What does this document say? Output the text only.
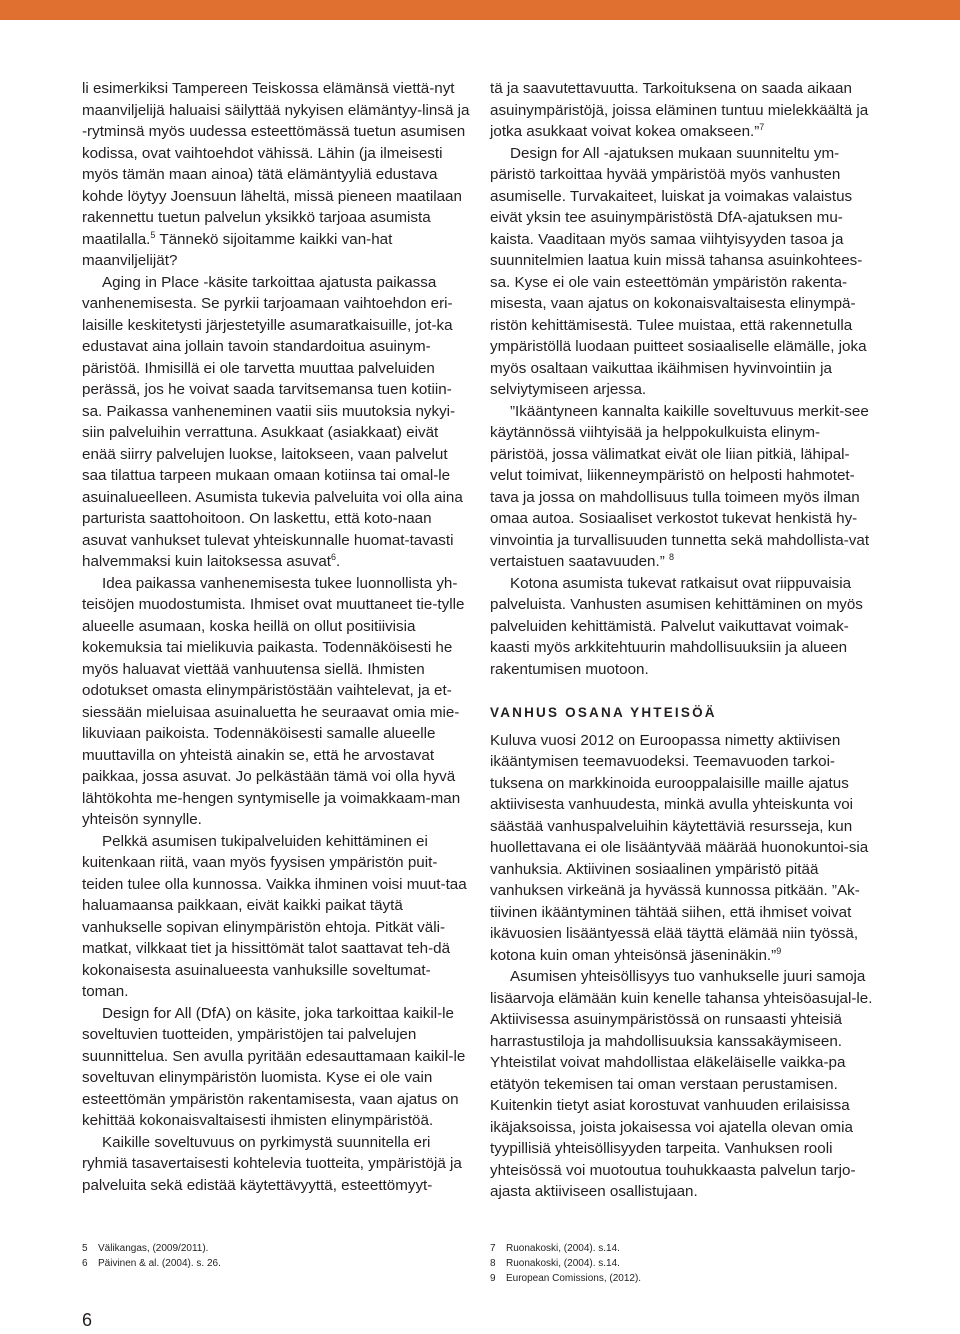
li esimerkiksi Tampereen Teiskossa elämänsä viettä-nyt maanviljelijä haluaisi säilyttää nykyisen elämäntyy-linsä ja -rytminsä myös uudessa esteettömässä tuetun asumisen kodissa, ovat vaihtoehdot vähissä. Lähin (ja ilmeisesti myös tämän maan ainoa) tätä elämäntyyliä edustava kohde löytyy Joensuun läheltä, missä pieneen maatilaan rakennettu tuetun palvelun yksikkö tarjoaa asumista maatilalla.$^5$ Tännekö sijoitamme kaikki van-hat maanviljelijät?

Aging in Place -käsite tarkoittaa ajatusta paikassa vanhenemisesta. Se pyrkii tarjoamaan vaihtoehdon eri-laisille keskitetysti järjestetyille asumaratkaisuille, jot-ka edustavat aina jollain tavoin standardoitua asuinym-päristöä. Ihmisillä ei ole tarvetta muuttaa palveluiden perässä, jos he voivat saada tarvitsemansa tuen kotiin-sa. Paikassa vanheneminen vaatii siis muutoksia nykyi-siin palveluihin verrattuna. Asukkaat (asiakkaat) eivät enää siirry palvelujen luokse, laitokseen, vaan palvelut saa tilattua tarpeen mukaan omaan kotiinsa tai omal-le asuinalueelleen. Asumista tukevia palveluita voi olla aina parturista saattohoitoon. On laskettu, että koto-naan asuvat vanhukset tulevat yhteiskunnalle huomat-tavasti halvemmaksi kuin laitoksessa asuvat$^6$.

Idea paikassa vanhenemisesta tukee luonnollista yh-teisöjen muodostumista. Ihmiset ovat muuttaneet tie-tylle alueelle asumaan, koska heillä on ollut positiivisia kokemuksia tai mielikuvia paikasta. Todennäköisesti he myös haluavat viettää vanhuutensa siellä. Ihmisten odotukset omasta elinympäristöstään vaihtelevat, ja et-siessään mieluisaa asuinaluetta he seuraavat omia mie-likuviaan paikoista. Todennäköisesti samalle alueelle muuttavilla on yhteistä ainakin se, että he arvostavat paikkaa, jossa asuvat. Jo pelkästään tämä voi olla hyvä lähtökohta me-hengen syntymiselle ja voimakkaam-man yhteisön synnylle.

Pelkkä asumisen tukipalveluiden kehittäminen ei kuitenkaan riitä, vaan myös fyysisen ympäristön puit-teiden tulee olla kunnossa. Vaikka ihminen voisi muut-taa haluamaansa paikkaan, eivät kaikki paikat täytä vanhukselle sopivan elinympäristön ehtoja. Pitkät väli-matkat, vilkkaat tiet ja hissittömät talot saattavat teh-dä kokonaisesta asuinalueesta vanhuksille soveltumat-toman.

Design for All (DfA) on käsite, joka tarkoittaa kaikil-le soveltuvien tuotteiden, ympäristöjen tai palvelujen suunnittelua. Sen avulla pyritään edesauttamaan kaikil-le soveltuvan elinympäristön luomista. Kyse ei ole vain esteettömän ympäristön rakentamisesta, vaan ajatus on kehittää kokonaisvaltaisesti ihmisten elinympäristöä.

Kaikille soveltuvuus on pyrkimystä suunnitella eri ryhmiä tasavertaisesti kohtelevia tuotteita, ympäristöjä ja palveluita sekä edistää käytettävyyttä, esteettömyyt-

tä ja saavutettavuutta. Tarkoituksena on saada aikaan asuinympäristöjä, joissa eläminen tuntuu mielekkäältä ja jotka asukkaat voivat kokea omakseen.”$^7$

Design for All -ajatuksen mukaan suunniteltu ym-päristö tarkoittaa hyvää ympäristöä myös vanhusten asumiselle. Turvakaiteet, luiskat ja voimakas valaistus eivät yksin tee asuinympäristöstä DfA-ajatuksen mu-kaista. Vaaditaan myös samaa viihtyisyyden tasoa ja suunnitelmien laatua kuin missä tahansa asuinkohtees-sa. Kyse ei ole vain esteettömän ympäristön rakenta-misesta, vaan ajatus on kokonaisvaltaisesta elinympä-ristön kehittämisestä. Tulee muistaa, että rakennetulla ympäristöllä luodaan puitteet sosiaaliselle elämälle, joka myös osaltaan vaikuttaa ikäihmisen hyvinvointiin ja selviytymiseen arjessa.

”Ikääntyneen kannalta kaikille soveltuvuus merkit-see käytännössä viihtyisää ja helppokulkuista elinym-päristöä, jossa välimatkat eivät ole liian pitkiä, lähipal-velut toimivat, liikenneympäristö on helposti hahmotet-tava ja jossa on mahdollisuus tulla toimeen myös ilman omaa autoa. Sosiaaliset verkostot tukevat henkistä hy-vinvointia ja turvallisuuden tunnetta sekä mahdollista-vat vertaistuen saatavuuden.” $^8$

Kotona asumista tukevat ratkaisut ovat riippuvaisia palveluista. Vanhusten asumisen kehittäminen on myös palveluiden kehittämistä. Palvelut vaikuttavat voimak-kaasti myös arkkitehtuurin mahdollisuuksiin ja alueen rakentumisen muotoon.

VANHUS OSANA YHTEISÖÄ

Kuluva vuosi 2012 on Euroopassa nimetty aktiivisen ikääntymisen teemavuodeksi. Teemavuoden tarkoi-tuksena on markkinoida eurooppalaisille maille ajatus aktiivisesta vanhuudesta, minkä avulla yhteiskunta voi säästää vanhuspalveluihin käytettäviä resursseja, kun huollettavana ei ole lisääntyvää määrää huonokuntoi-sia vanhuksia. Aktiivinen sosiaalinen ympäristö pitää vanhuksen virkeänä ja hyvässä kunnossa pitkään. ”Ak-tiivinen ikääntyminen tähtää siihen, että ihmiset voivat ikävuosien lisääntyessä elää täyttä elämää niin työssä, kotona kuin oman yhteisönsä jäseninäkin.”$^9$

Asumisen yhteisöllisyys tuo vanhukselle juuri samoja lisäarvoja elämään kuin kenelle tahansa yhteisöasujal-le. Aktiivisessa asuinympäristössä on runsaasti yhteisiä harrastustiloja ja mahdollisuuksia kanssakäymiseen. Yhteistilat voivat mahdollistaa eläkeläiselle vaikka-pa etätyön tekemisen tai oman verstaan perustamisen. Kuitenkin tietyt asiat korostuvat vanhuuden erilaisissa ikäjaksoissa, joista jokaisessa voi ajatella olevan omia tyypillisiä yhteisöllisyyden tarpeita. Vanhuksen rooli yhteisössä voi muotoutua touhukkaasta palvelun tarjo-ajasta aktiiviseen osallistujaan.

5	Välikangas, (2009/2011).
6	Päivinen & al. (2004). s. 26.
7	Ruonakoski, (2004). s.14.
8	Ruonakoski, (2004). s.14.
9	European Comissions, (2012).
6
